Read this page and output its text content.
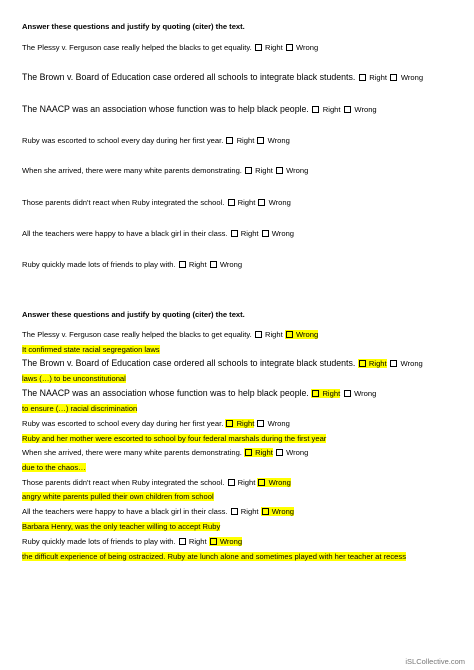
Answer these questions and justify by quoting (citer) the text.
The Plessy v. Ferguson case really helped the blacks to get equality.  Right Wrong
The Brown v. Board of Education case ordered all schools to integrate black students.  Right Wrong
The NAACP was an association whose function was to help black people.  Right Wrong
Ruby was escorted to school every day during her first year.  Right Wrong
When she arrived, there were many white parents demonstrating.  Right Wrong
Those parents didn't react when Ruby integrated the school.  Right Wrong
All the teachers were happy to have a black girl in their class.  Right Wrong
Ruby quickly made lots of friends to play with.  Right Wrong
Answer these questions and justify by quoting (citer) the text.
The Plessy v. Ferguson case really helped the blacks to get equality.  Right Wrong
It confirmed state racial segregation laws
The Brown v. Board of Education case ordered all schools to integrate black students.  Right Wrong
laws (…) to be unconstitutional
The NAACP was an association whose function was to help black people.  Right Wrong
to ensure (…) racial discrimination
Ruby was escorted to school every day during her first year.  Right Wrong
Ruby and her mother were escorted to school by four federal marshals during the first year
When she arrived, there were many white parents demonstrating.  Right Wrong
due to the chaos…
Those parents didn't react when Ruby integrated the school.  Right Wrong
angry white parents pulled their own children from school
All the teachers were happy to have a black girl in their class.  Right Wrong
Barbara Henry, was the only teacher willing to accept Ruby
Ruby quickly made lots of friends to play with.  Right Wrong
the difficult experience of being ostracized. Ruby ate lunch alone and sometimes played with her teacher at recess
iSLCollective.com
